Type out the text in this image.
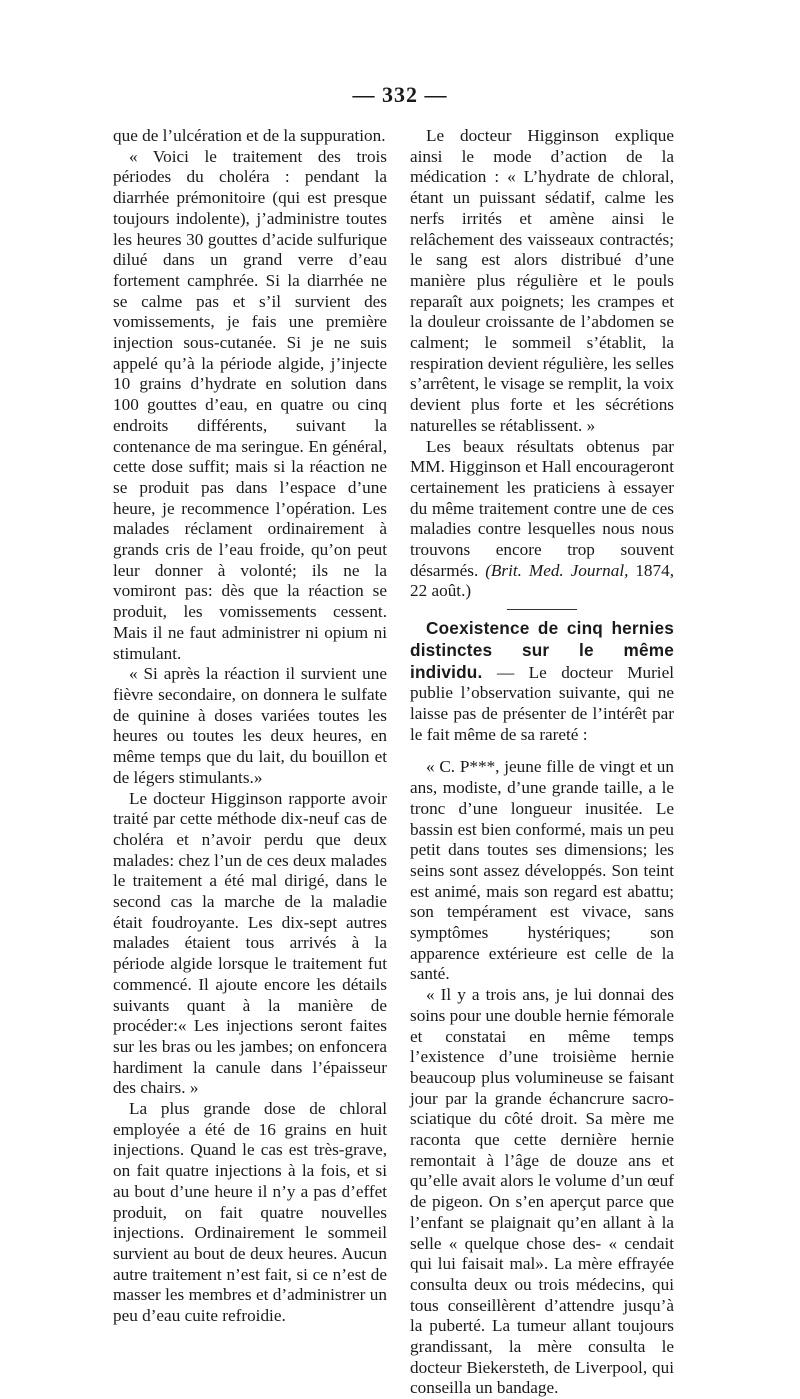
— 332 —

que de l’ulcération et de la suppuration.

« Voici le traitement des trois périodes du choléra : pendant la diarrhée prémonitoire (qui est presque toujours indolente), j’administre toutes les heures 30 gouttes d’acide sulfurique dilué dans un grand verre d’eau fortement camphrée. Si la diarrhée ne se calme pas et s’il survient des vomissements, je fais une première injection sous-cutanée. Si je ne suis appelé qu’à la période algide, j’injecte 10 grains d’hydrate en solution dans 100 gouttes d’eau, en quatre ou cinq endroits différents, suivant la contenance de ma seringue. En général, cette dose suffit; mais si la réaction ne se produit pas dans l’espace d’une heure, je recommence l’opération. Les malades réclament ordinairement à grands cris de l’eau froide, qu’on peut leur donner à volonté; ils ne la vomiront pas: dès que la réaction se produit, les vomissements cessent. Mais il ne faut administrer ni opium ni stimulant.

« Si après la réaction il survient une fièvre secondaire, on donnera le sulfate de quinine à doses variées toutes les heures ou toutes les deux heures, en même temps que du lait, du bouillon et de légers stimulants.»

Le docteur Higginson rapporte avoir traité par cette méthode dix-neuf cas de choléra et n’avoir perdu que deux malades: chez l’un de ces deux malades le traitement a été mal dirigé, dans le second cas la marche de la maladie était foudroyante. Les dix-sept autres malades étaient tous arrivés à la période algide lorsque le traitement fut commencé. Il ajoute encore les détails suivants quant à la manière de procéder:« Les injections seront faites sur les bras ou les jambes; on enfoncera hardiment la canule dans l’épaisseur des chairs. »

La plus grande dose de chloral employée a été de 16 grains en huit injections. Quand le cas est très-grave, on fait quatre injections à la fois, et si au bout d’une heure il n’y a pas d’effet produit, on fait quatre nouvelles injections. Ordinairement le sommeil survient au bout de deux heures. Aucun autre traitement n’est fait, si ce n’est de masser les membres et d’administrer un peu d’eau cuite refroidie.

Le docteur Higginson explique ainsi le mode d’action de la médication : « L’hydrate de chloral, étant un puissant sédatif, calme les nerfs irrités et amène ainsi le relâchement des vaisseaux contractés; le sang est alors distribué d’une manière plus régulière et le pouls reparaît aux poignets; les crampes et la douleur croissante de l’abdomen se calment; le sommeil s’établit, la respiration devient régulière, les selles s’arrêtent, le visage se remplit, la voix devient plus forte et les sécrétions naturelles se rétablissent. »

Les beaux résultats obtenus par MM. Higginson et Hall encourageront certainement les praticiens à essayer du même traitement contre une de ces maladies contre lesquelles nous nous trouvons encore trop souvent désarmés. (Brit. Med. Journal, 1874, 22 août.)

Coexistence de cinq hernies distinctes sur le même individu. — Le docteur Muriel publie l’observation suivante, qui ne laisse pas de présenter de l’intérêt par le fait même de sa rareté :

« C. P***, jeune fille de vingt et un ans, modiste, d’une grande taille, a le tronc d’une longueur inusitée. Le bassin est bien conformé, mais un peu petit dans toutes ses dimensions; les seins sont assez développés. Son teint est animé, mais son regard est abattu; son tempérament est vivace, sans symptômes hystériques; son apparence extérieure est celle de la santé.

« Il y a trois ans, je lui donnai des soins pour une double hernie fémorale et constatai en même temps l’existence d’une troisième hernie beaucoup plus volumineuse se faisant jour par la grande échancrure sacro-sciatique du côté droit. Sa mère me raconta que cette dernière hernie remontait à l’âge de douze ans et qu’elle avait alors le volume d’un œuf de pigeon. On s’en aperçut parce que l’enfant se plaignait qu’en allant à la selle « quelque chose des- « cendait qui lui faisait mal». La mère effrayée consulta deux ou trois médecins, qui tous conseillèrent d’attendre jusqu’à la puberté. La tumeur allant toujours grandissant, la mère consulta le docteur Biekersteth, de Liverpool, qui conseilla un bandage.
